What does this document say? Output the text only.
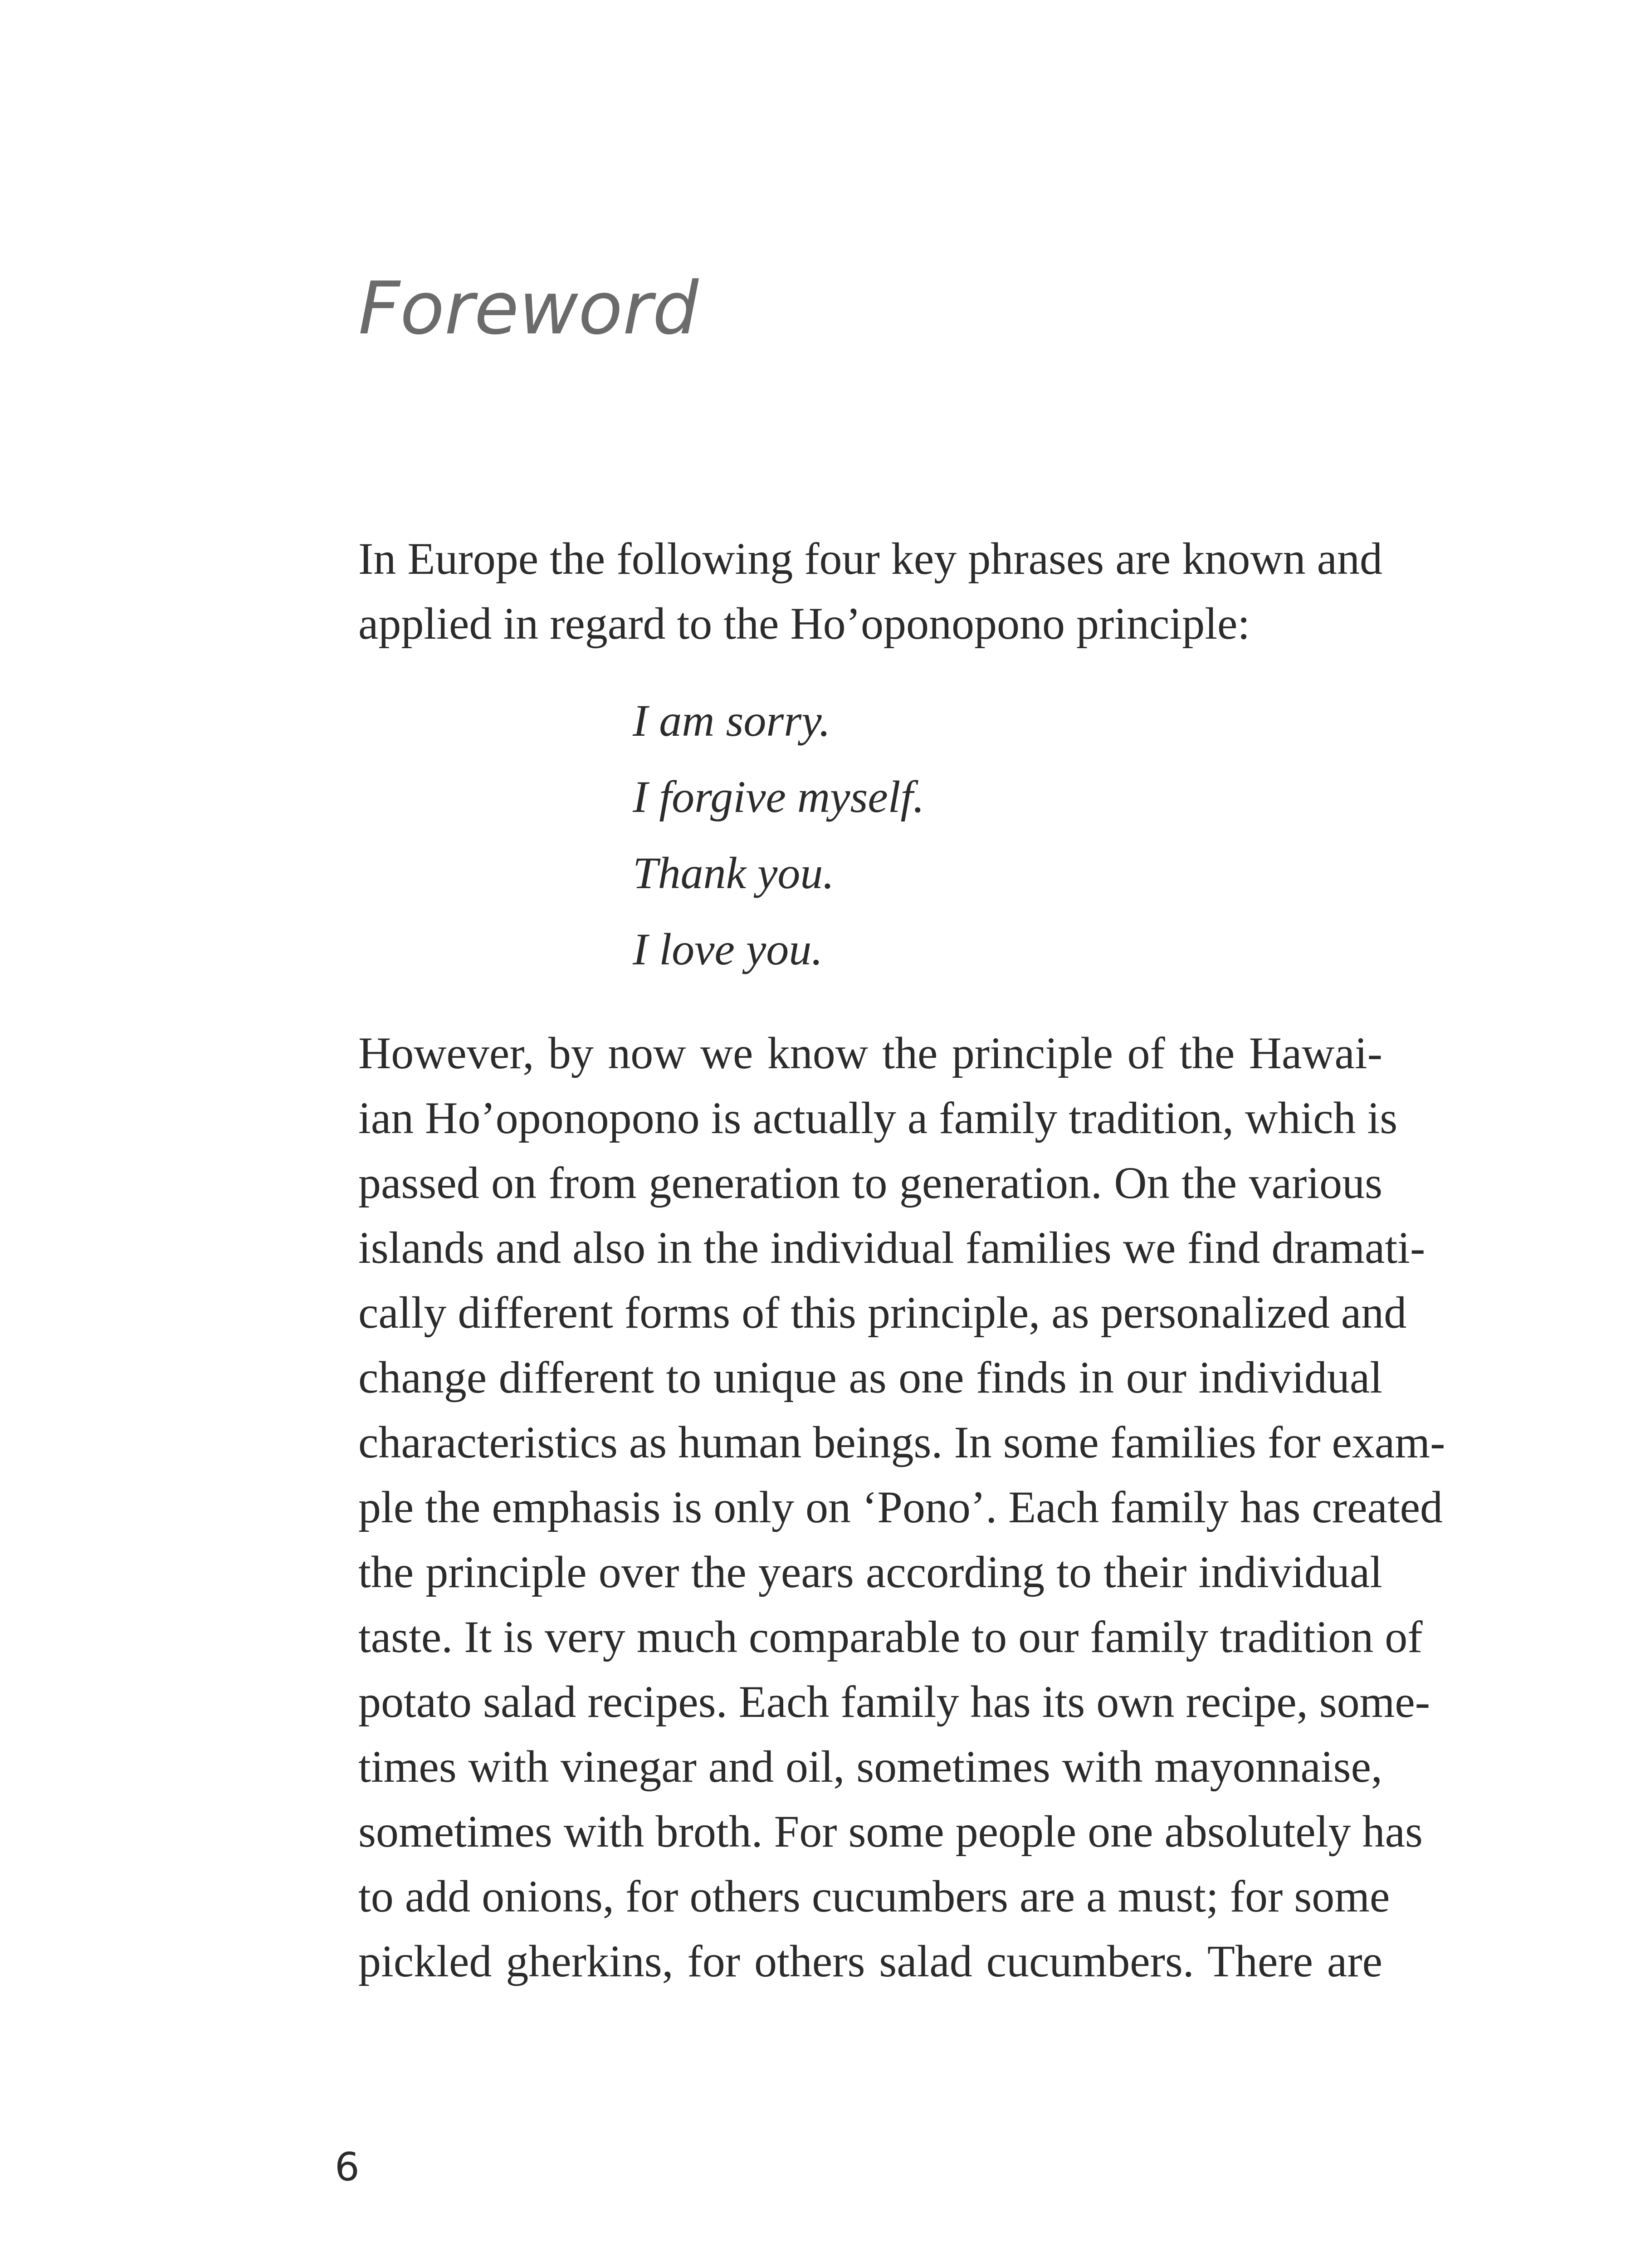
Foreword
In Europe the following four key phrases are known and
applied in regard to the Ho’oponopono principle:
I am sorry.
I forgive myself.
Thank you.
I love you.
However, by now we know the principle of the Hawai-
ian Ho’oponopono is actually a family tradition, which is
passed on from generation to generation. On the various
islands and also in the individual families we find dramati-
cally different forms of this principle, as personalized and
change different to unique as one finds in our individual
characteristics as human beings. In some families for exam-
ple the emphasis is only on ‘Pono’. Each family has created
the principle over the years according to their individual
taste. It is very much comparable to our family tradition of
potato salad recipes. Each family has its own recipe, some-
times with vinegar and oil, sometimes with mayonnaise,
sometimes with broth. For some people one absolutely has
to add onions, for others cucumbers are a must; for some
pickled gherkins, for others salad cucumbers. There are
6
